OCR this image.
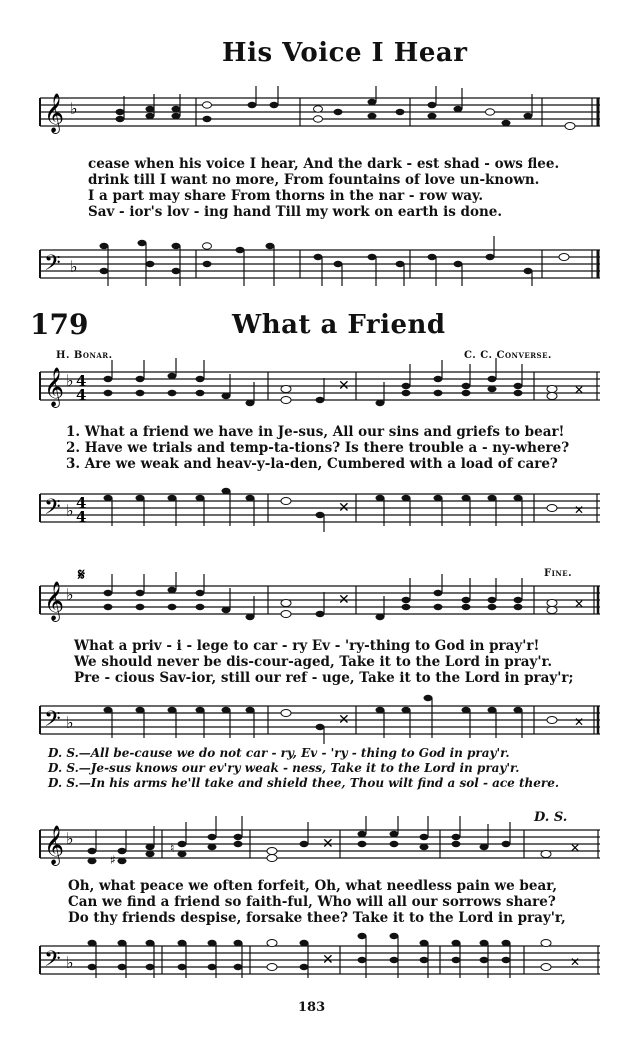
His Voice I Hear
𝄞 ♭
cease when his voice I hear, And the dark - est shad - ows flee.
drink till I want no more, From fountains of love un-known.
I a part may share From thorns in the nar - row way.
Sav - ior's lov - ing hand Till my work on earth is done.
𝄢 ♭
179	What a Friend
H. Bonar.	C. C. Converse.
𝄞 ♭ 4
4	✕	✕
1. What a friend we have in Je-sus, All our sins and griefs to bear!
2. Have we trials and temp-ta-tions? Is there trouble a - ny-where?
3. Are we weak and heav-y-la-den, Cumbered with a load of care?
𝄢 ♭ 4
4	✕	✕
𝄞 ♭
𝄋
✕	✕
Fine.
What a priv - i - lege to car - ry Ev - 'ry-thing to God in pray'r!
We should never be dis-cour-aged, Take it to the Lord in pray'r.
Pre - cious Sav-ior, still our ref - uge, Take it to the Lord in pray'r;
𝄢 ♭	✕	✕
D. S.—All be-cause we do not car - ry, Ev - 'ry - thing to God in pray'r.
D. S.—Je-sus knows our ev'ry weak - ness, Take it to the Lord in pray'r.
D. S.—In his arms he'll take and shield thee, Thou wilt find a sol - ace there.
𝄞 ♭
♯
♮	✕	✕
D. S.
Oh, what peace we often forfeit, Oh, what needless pain we bear,
Can we find a friend so faith-ful, Who will all our sorrows share?
Do thy friends despise, forsake thee? Take it to the Lord in pray'r,
𝄢 ♭	✕	✕
183
